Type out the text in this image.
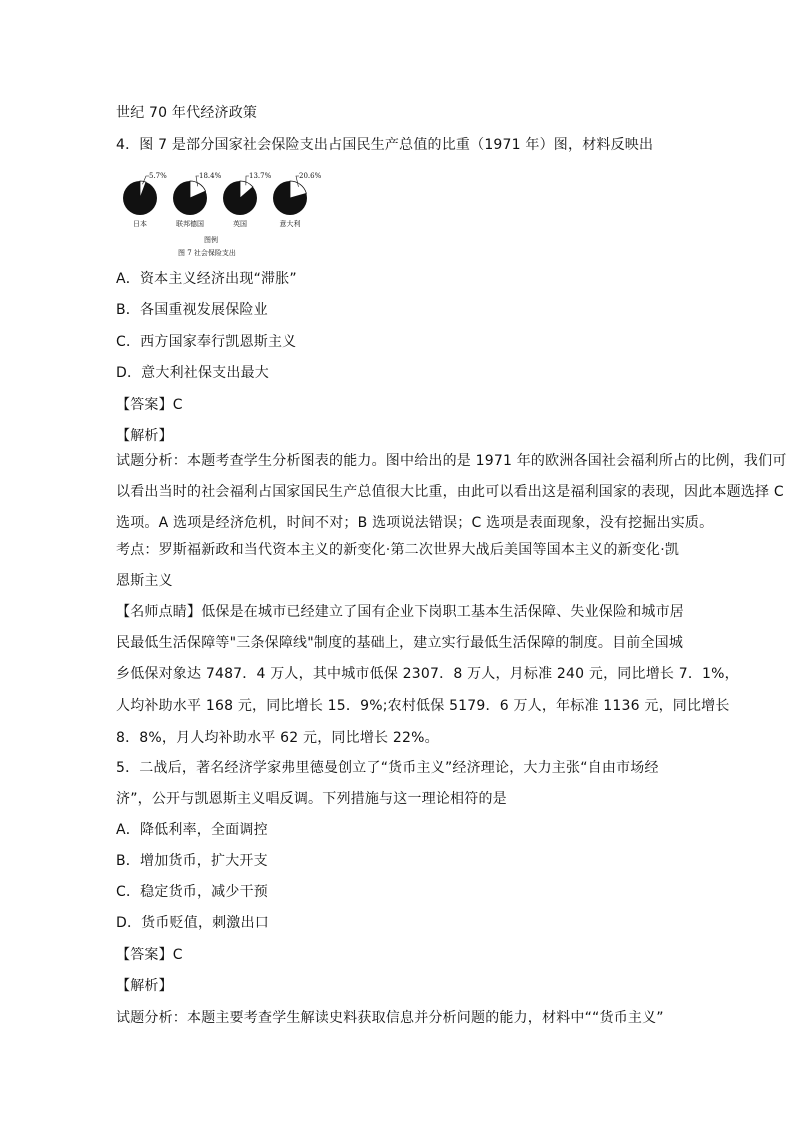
世纪 70 年代经济政策
4．图 7 是部分国家社会保险支出占国民生产总值的比重（1971 年）图，材料反映出
图例
图 7 社会保险支出
5.7%
日本
18.4%
联邦德国
13.7%
英国
20.6%
意大利
A．资本主义经济出现“滞胀”
B．各国重视发展保险业
C．西方国家奉行凯恩斯主义
D．意大利社保支出最大
【答案】C
【解析】
试题分析：本题考查学生分析图表的能力。图中给出的是 1971 年的欧洲各国社会福利所占的比例，我们可
以看出当时的社会福利占国家国民生产总值很大比重，由此可以看出这是福利国家的表现，因此本题选择 C
选项。A 选项是经济危机，时间不对；B 选项说法错误；C 选项是表面现象，没有挖掘出实质。
考点：罗斯福新政和当代资本主义的新变化·第二次世界大战后美国等国本主义的新变化·凯
恩斯主义
【名师点睛】低保是在城市已经建立了国有企业下岗职工基本生活保障、失业保险和城市居
民最低生活保障等"三条保障线"制度的基础上，建立实行最低生活保障的制度。目前全国城
乡低保对象达 7487．4 万人，其中城市低保 2307．8 万人，月标准 240 元，同比增长 7．1%，
人均补助水平 168 元，同比增长 15．9%;农村低保 5179．6 万人，年标准 1136 元，同比增长
8．8%，月人均补助水平 62 元，同比增长 22%。
5．二战后，著名经济学家弗里德曼创立了“货币主义”经济理论，大力主张“自由市场经
济”，公开与凯恩斯主义唱反调。下列措施与这一理论相符的是
A．降低利率，全面调控
B．增加货币，扩大开支
C．稳定货币，减少干预
D．货币贬值，刺激出口
【答案】C
【解析】
试题分析：本题主要考查学生解读史料获取信息并分析问题的能力，材料中““货币主义”
